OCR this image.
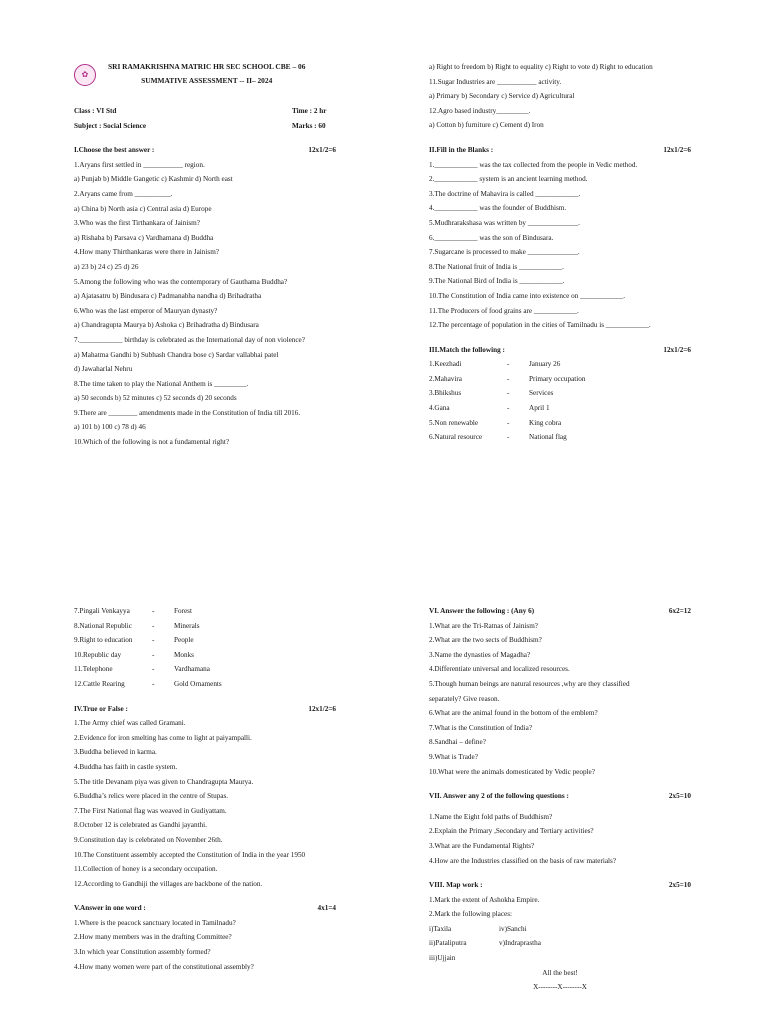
✿
SRI RAMAKRISHNA MATRIC HR SEC SCHOOL CBE – 06
SUMMATIVE ASSESSMENT -- II– 2024
Class : VI Std	Time : 2 hr
Subject : Social Science	Marks : 60
I.Choose the best answer :	12x1/2=6
1.Aryans first settled in ___________ region.
a) Punjab b) Middle Gangetic c) Kashmir d) North east
2.Aryans came from __________.
a) China b) North asia c) Central asia d) Europe
3.Who was the first Tirthankara of Jainism?
a) Rishaba b) Parsava c) Vardhamana d) Buddha
4.How many Thirthankaras were there in Jainism?
a) 23 b) 24 c) 25 d) 26
5.Among the following who was the contemporary of Gauthama Buddha?
a) Ajatasatru b) Bindusara c) Padmanabha nandha d) Brihadratha
6.Who was the last emperor of Mauryan dynasty?
a) Chandragupta Maurya b) Ashoka c) Brihadratha d) Bindusara
7.____________ birthday is celebrated as the International day of non violence?
a) Mahatma Gandhi b) Subhash Chandra bose c) Sardar vallabhai patel
d) Jawaharlal Nehru
8.The time taken to play the National Anthem is _________.
a) 50 seconds b) 52 minutes c) 52 seconds d) 20 seconds
9.There are ________ amendments made in the Constitution of India till 2016.
a) 101 b) 100 c) 78 d) 46
10.Which of the following is not a fundamental right?
a) Right to freedom b) Right to equality c) Right to vote d) Right to education
11.Sugar Industries are ___________ activity.
a) Primary b) Secondary c) Service d) Agricultural
12.Agro based industry_________.
a) Cotton b) furniture c) Cement d) Iron
II.Fill in the Blanks :	12x1/2=6
1.____________ was the tax collected from the people in Vedic method.
2.____________ system is an ancient learning method.
3.The doctrine of Mahavira is called ____________.
4.____________ was the founder of Buddhism.
5.Mudhrarakshasa was written by ______________.
6.____________ was the son of Bindusara.
7.Sugarcane is processed to make ______________.
8.The National fruit of India is ____________.
9.The National Bird of India is ____________.
10.The Constitution of India came into existence on ____________.
11.The Producers of food grains are ____________.
12.The percentage of population in the cities of Tamilnadu is ____________.
III.Match the following :	12x1/2=6
1.Keezhadi	-	January 26
2.Mahavira	-	Primary occupation
3.Bhikshus	-	Services
4.Gana	-	April 1
5.Non renewable	-	King cobra
6.Natural resource	-	National flag
7.Pingali Venkayya	-	Forest
8.National Republic	-	Minerals
9.Right to education	-	People
10.Republic day	-	Monks
11.Telephone	-	Vardhamana
12.Cattle Rearing	-	Gold Ornaments
IV.True or False :	12x1/2=6
1.The Army chief was called Gramani.
2.Evidence for iron smelting has come to light at paiyampalli.
3.Buddha believed in karma.
4.Buddha has faith in castle system.
5.The title Devanam piya was given to Chandragupta Maurya.
6.Buddha’s relics were placed in the centre of Stupas.
7.The First National flag was weaved in Gudiyattam.
8.October 12 is celebrated as Gandhi jayanthi.
9.Constitution day is celebrated on November 26th.
10.The Constituent assembly accepted the Constitution of India in the year 1950
11.Collection of honey is a secondary occupation.
12.According to Gandhiji the villages are backbone of the nation.
V.Answer in one word :	4x1=4
1.Where is the peacock sanctuary located in Tamilnadu?
2.How many members was in the drafting Committee?
3.In which year Constitution assembly formed?
4.How many women were part of the constitutional assembly?
VI. Answer the following : (Any 6)	6x2=12
1.What are the Tri-Ratnas of Jainism?
2.What are the two sects of Buddhism?
3.Name the dynasties of Magadha?
4.Differentiate universal and localized resources.
5.Though human beings are natural resources ,why are they classified
separately? Give reason.
6.What are the animal found in the bottom of the emblem?
7.What is the Constitution of India?
8.Sandhai – define?
9.What is Trade?
10.What were the animals domesticated by Vedic people?
VII. Answer any 2 of the following questions :	2x5=10
1.Name the Eight fold paths of Buddhism?
2.Explain the Primary ,Secondary and Tertiary activities?
3.What are the Fundamental Rights?
4.How are the Industries classified on the basis of raw materials?
VIII. Map work :	2x5=10
1.Mark the extent of Ashokha Empire.
2.Mark the following places:
i)Taxila	iv)Sanchi
ii)Pataliputra	v)Indraprastha
iii)Ujjain
All the best!
X--------X--------X
